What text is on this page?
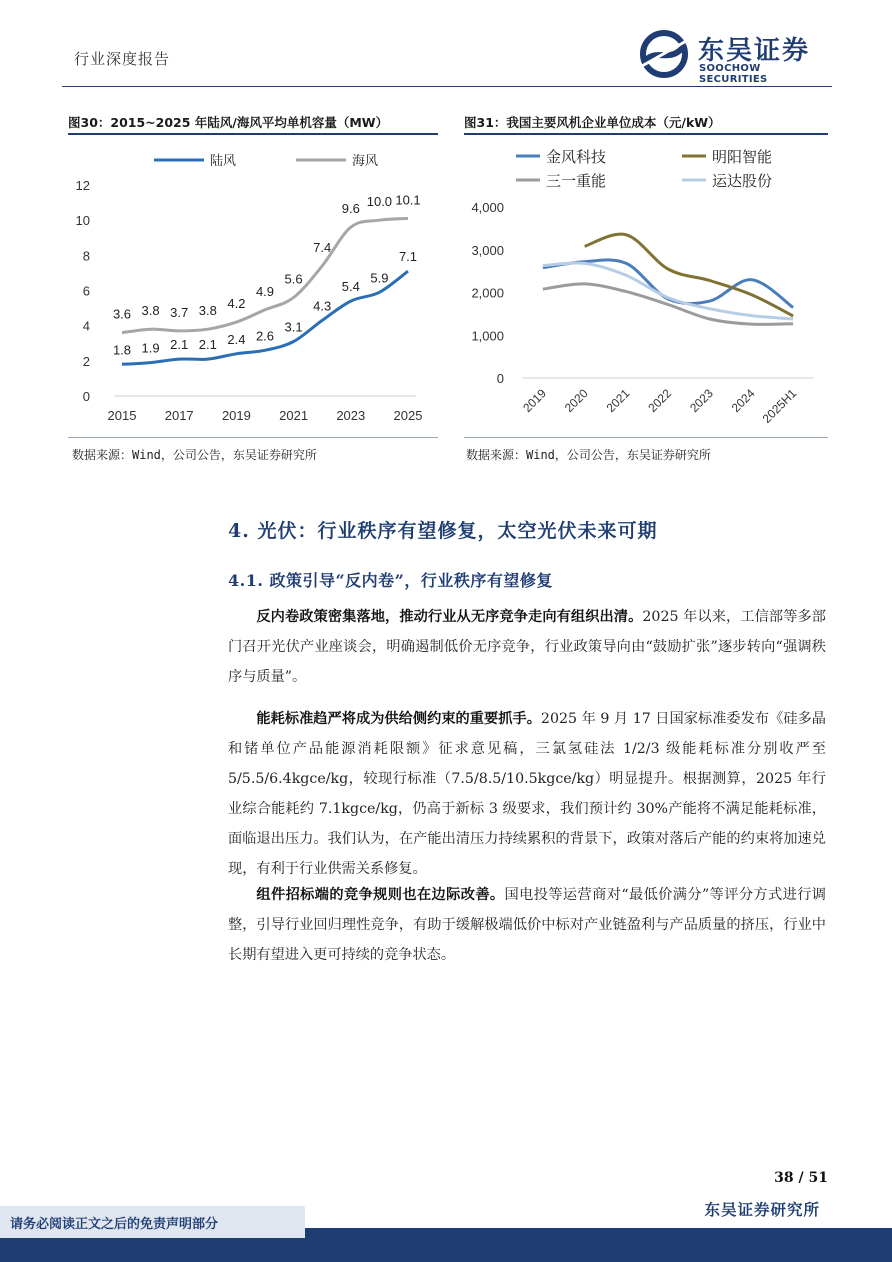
行业深度报告	东吴证券
SOOCHOW SECURITIES
图30：2015~2025 年陆风/海风平均单机容量（MW）
0
2
4
6
8
10
12
2015 2017 2019 2021 2023 2025
1.8 1.9 2.1 2.1 2.4 2.6
3.1
4.3
5.4
5.9
7.1
陆风
3.6 3.8 3.7 3.8 4.2
4.9
5.6
7.4
9.6 10.0 10.1
海风
数据来源：Wind，公司公告，东吴证券研究所
图31：我国主要风机企业单位成本（元/kW）
0
1,000
2,000
3,000
4,000
2019 2020 2021 2022 2023 2024 2025H1
金风科技	明阳智能
三一重能	运达股份
数据来源：Wind，公司公告，东吴证券研究所
4. 光伏：行业秩序有望修复，太空光伏未来可期
4.1. 政策引导“反内卷”，行业秩序有望修复

反内卷政策密集落地，推动行业从无序竞争走向有组织出清。2025 年以来，工信部等多部门召开光伏产业座谈会，明确遏制低价无序竞争，行业政策导向由“鼓励扩张”逐步转向“强调秩序与质量”。

能耗标准趋严将成为供给侧约束的重要抓手。2025 年 9 月 17 日国家标准委发布《硅多晶和锗单位产品能源消耗限额》征求意见稿，三氯氢硅法 1/2/3 级能耗标准分别收严至 5/5.5/6.4kgce/kg，较现行标准（7.5/8.5/10.5kgce/kg）明显提升。根据测算，2025 年行业综合能耗约 7.1kgce/kg，仍高于新标 3 级要求，我们预计约 30%产能将不满足能耗标准，面临退出压力。我们认为，在产能出清压力持续累积的背景下，政策对落后产能的约束将加速兑现，有利于行业供需关系修复。

组件招标端的竞争规则也在边际改善。国电投等运营商对“最低价满分”等评分方式进行调整，引导行业回归理性竞争，有助于缓解极端低价中标对产业链盈利与产品质量的挤压，行业中长期有望进入更可持续的竞争状态。

38 / 51
请务必阅读正文之后的免责声明部分
东吴证券研究所
